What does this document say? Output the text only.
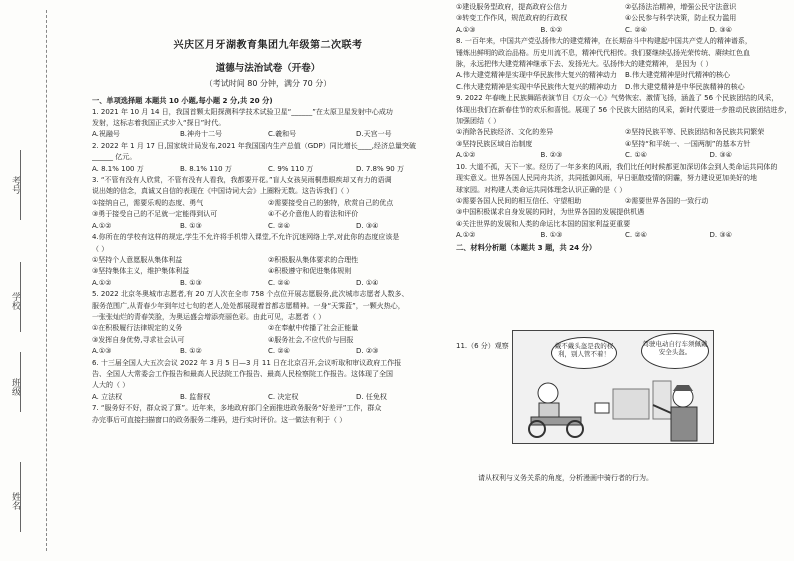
考号
学校
班级
姓名
兴庆区月牙湖教育集团九年级第二次联考
道德与法治试卷（开卷）
（考试时间 80 分钟，满分 70 分）
一、单项选择题 本题共 10 小题,每小题 2 分,共 20 分)
1. 2021 年 10 月 14 日，我国首颗太阳探测科学技术试验卫星“______”在太原卫星发射中心成功
发射，这标志着我国正式步入“探日”时代。
A.祝融号	B.神舟十二号	C.羲和号	D.天宫一号
2. 2022 年 1 月 17 日,国家统计局发布,2021 年我国国内生产总值（GDP）同比增长____,经济总量突破
______ 亿元。
A. 8.1% 100 万	B. 8.1% 110 万	C. 9% 110 万	D. 7.8% 90 万
3. “不管有没有人欣赏，不管有没有人看我，我都要开花。”盲人女孩吴雨桐患眼疾却又有力的语调
说出她的信念，真诚又自信的表现在《中国诗词大会》上圈粉无数。这告诉我们（ ）
①接纳自己，需要乐观的态度、勇气	②需要接受自己的独特，欣赏自己的优点
③勇于接受自己的不足就一定能得到认可	④不必介意他人的看法和评价
A.①②	B. ①③	C. ②④	D. ③④
4.你所在的学校有这样的规定,学生不允许将手机带入课堂,不允许沉迷网络上学,对此你的态度应该是
（ ）
①坚持个人意愿服从集体利益	②积极服从集体要求的合理性
③坚持集体主义，维护集体利益	④积极遵守和促进集体规则
A.①②	B. ①③	C. ②④	D. ①④
5. 2022 北京冬奥城市志愿者,有 20 万人次在全市 758 个点位开展志愿服务,此次城市志愿者人数多、
服务范围广,从青春少年到年过七旬的老人,处处都展现着首都志愿精神。一身“天霁蓝”，一颗火热心，
一张张灿烂的青春笑脸，为奥运盛会增添亮丽色彩。由此可见，志愿者（ ）
①在积极履行法律规定的义务	②在奉献中传播了社会正能量
③发挥自身优势,寻求社会认可	④服务社会,不应代价与回报
A.①③	B. ①②	C. ②④	D. ②③
6. 十三届全国人大五次会议 2022 年 3 月 5 日—3 月 11 日在北京召开,会议听取和审议政府工作报
告、全国人大常委会工作报告和最高人民法院工作报告、最高人民检察院工作报告。这体现了全国
人大的（ ）
A. 立法权	B. 监督权	C. 决定权	D. 任免权
7. “服务好不好，群众说了算”。近年来，多地政府部门全面推进政务服务“好差评”工作，群众
办完事后可直接扫描窗口的政务服务二维码，进行实时评价。这一做法有利于（ ）
①建设服务型政府，提高政府公信力	②弘扬法治精神，增强公民守法意识
③转变工作作风，规范政府的行政权	④公民参与科学决策，防止权力滥用
A.①③	B. ①②	C. ②④	D. ③④
8. 一百年来，中国共产党弘扬伟大的建党精神，在长期奋斗中构建起中国共产党人的精神谱系，
锤炼出鲜明的政治品格。历史川流不息，精神代代相传。我们要继续弘扬光荣传统、赓续红色血
脉，永远把伟大建党精神继承下去、发扬光大。弘扬伟大的建党精神， 是因为（ ）
A.伟大建党精神是实现中华民族伟大复兴的精神动力	B.伟大建党精神是时代精神的核心
C.伟大建党精神是实现中华民族伟大复兴的精神动力	D.伟大建党精神是中华民族精神的核心
9. 2022 年春晚上民族舞蹈表演节目《万众一心》气势恢宏、激情飞扬，涵盖了 56 个民族团结的风采，
体现出我们在新春佳节的欢乐和喜悦。展现了 56 个民族大团结的风采，新时代要进一步推动民族团结进步，
加强团结（ ）
①消除各民族经济、文化的差异	②坚持民族平等、民族团结和各民族共同繁荣
③坚持民族区域自治制度	④坚持“和平统一、一国两制”的基本方针
A.①②	B. ②③	C. ①④	D. ③④
10. 大道不孤，天下一家。经历了一年多来的风雨，我们比任何时候都更加深切体会到人类命运共同体的
现实意义。世界各国人民同舟共济，共同抵御风雨，早日驱散疫情的阴霾，努力建设更加美好的地
球家园。对构建人类命运共同体理念认识正确的是（ ）
①需要各国人民间的相互信任、守望相助	②需要世界各国的一致行动
③中国积极谋求自身发展的同时，为世界各国的发展提供机遇
④关注世界的发展和人类的命运比本国的国家利益更重要
A.①②	B. ①③	C. ②④	D. ③④
二、材料分析题（本题共 3 题，共 24 分）
11.（6 分）观察	戴不戴头盔是我的权利，别人管不着！
驾驶电动自行车须佩戴安全头盔。
请从权利与义务关系的角度，分析漫画中骑行者的行为。
